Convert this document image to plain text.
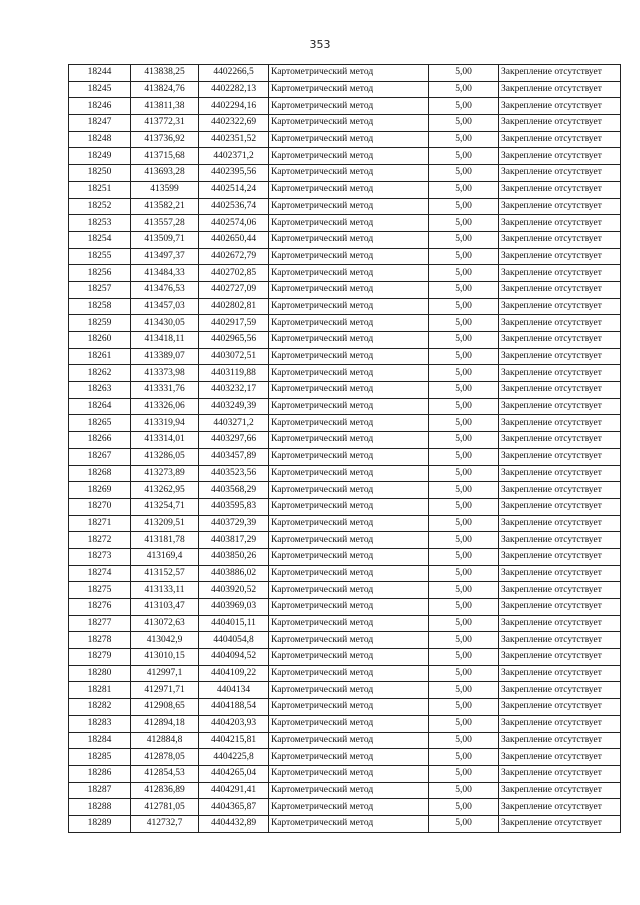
353
18244	413838,25	4402266,5	Картометрический метод	5,00	Закрепление отсутствует
18245	413824,76	4402282,13	Картометрический метод	5,00	Закрепление отсутствует
18246	413811,38	4402294,16	Картометрический метод	5,00	Закрепление отсутствует
18247	413772,31	4402322,69	Картометрический метод	5,00	Закрепление отсутствует
18248	413736,92	4402351,52	Картометрический метод	5,00	Закрепление отсутствует
18249	413715,68	4402371,2	Картометрический метод	5,00	Закрепление отсутствует
18250	413693,28	4402395,56	Картометрический метод	5,00	Закрепление отсутствует
18251	413599	4402514,24	Картометрический метод	5,00	Закрепление отсутствует
18252	413582,21	4402536,74	Картометрический метод	5,00	Закрепление отсутствует
18253	413557,28	4402574,06	Картометрический метод	5,00	Закрепление отсутствует
18254	413509,71	4402650,44	Картометрический метод	5,00	Закрепление отсутствует
18255	413497,37	4402672,79	Картометрический метод	5,00	Закрепление отсутствует
18256	413484,33	4402702,85	Картометрический метод	5,00	Закрепление отсутствует
18257	413476,53	4402727,09	Картометрический метод	5,00	Закрепление отсутствует
18258	413457,03	4402802,81	Картометрический метод	5,00	Закрепление отсутствует
18259	413430,05	4402917,59	Картометрический метод	5,00	Закрепление отсутствует
18260	413418,11	4402965,56	Картометрический метод	5,00	Закрепление отсутствует
18261	413389,07	4403072,51	Картометрический метод	5,00	Закрепление отсутствует
18262	413373,98	4403119,88	Картометрический метод	5,00	Закрепление отсутствует
18263	413331,76	4403232,17	Картометрический метод	5,00	Закрепление отсутствует
18264	413326,06	4403249,39	Картометрический метод	5,00	Закрепление отсутствует
18265	413319,94	4403271,2	Картометрический метод	5,00	Закрепление отсутствует
18266	413314,01	4403297,66	Картометрический метод	5,00	Закрепление отсутствует
18267	413286,05	4403457,89	Картометрический метод	5,00	Закрепление отсутствует
18268	413273,89	4403523,56	Картометрический метод	5,00	Закрепление отсутствует
18269	413262,95	4403568,29	Картометрический метод	5,00	Закрепление отсутствует
18270	413254,71	4403595,83	Картометрический метод	5,00	Закрепление отсутствует
18271	413209,51	4403729,39	Картометрический метод	5,00	Закрепление отсутствует
18272	413181,78	4403817,29	Картометрический метод	5,00	Закрепление отсутствует
18273	413169,4	4403850,26	Картометрический метод	5,00	Закрепление отсутствует
18274	413152,57	4403886,02	Картометрический метод	5,00	Закрепление отсутствует
18275	413133,11	4403920,52	Картометрический метод	5,00	Закрепление отсутствует
18276	413103,47	4403969,03	Картометрический метод	5,00	Закрепление отсутствует
18277	413072,63	4404015,11	Картометрический метод	5,00	Закрепление отсутствует
18278	413042,9	4404054,8	Картометрический метод	5,00	Закрепление отсутствует
18279	413010,15	4404094,52	Картометрический метод	5,00	Закрепление отсутствует
18280	412997,1	4404109,22	Картометрический метод	5,00	Закрепление отсутствует
18281	412971,71	4404134	Картометрический метод	5,00	Закрепление отсутствует
18282	412908,65	4404188,54	Картометрический метод	5,00	Закрепление отсутствует
18283	412894,18	4404203,93	Картометрический метод	5,00	Закрепление отсутствует
18284	412884,8	4404215,81	Картометрический метод	5,00	Закрепление отсутствует
18285	412878,05	4404225,8	Картометрический метод	5,00	Закрепление отсутствует
18286	412854,53	4404265,04	Картометрический метод	5,00	Закрепление отсутствует
18287	412836,89	4404291,41	Картометрический метод	5,00	Закрепление отсутствует
18288	412781,05	4404365,87	Картометрический метод	5,00	Закрепление отсутствует
18289	412732,7	4404432,89	Картометрический метод	5,00	Закрепление отсутствует
